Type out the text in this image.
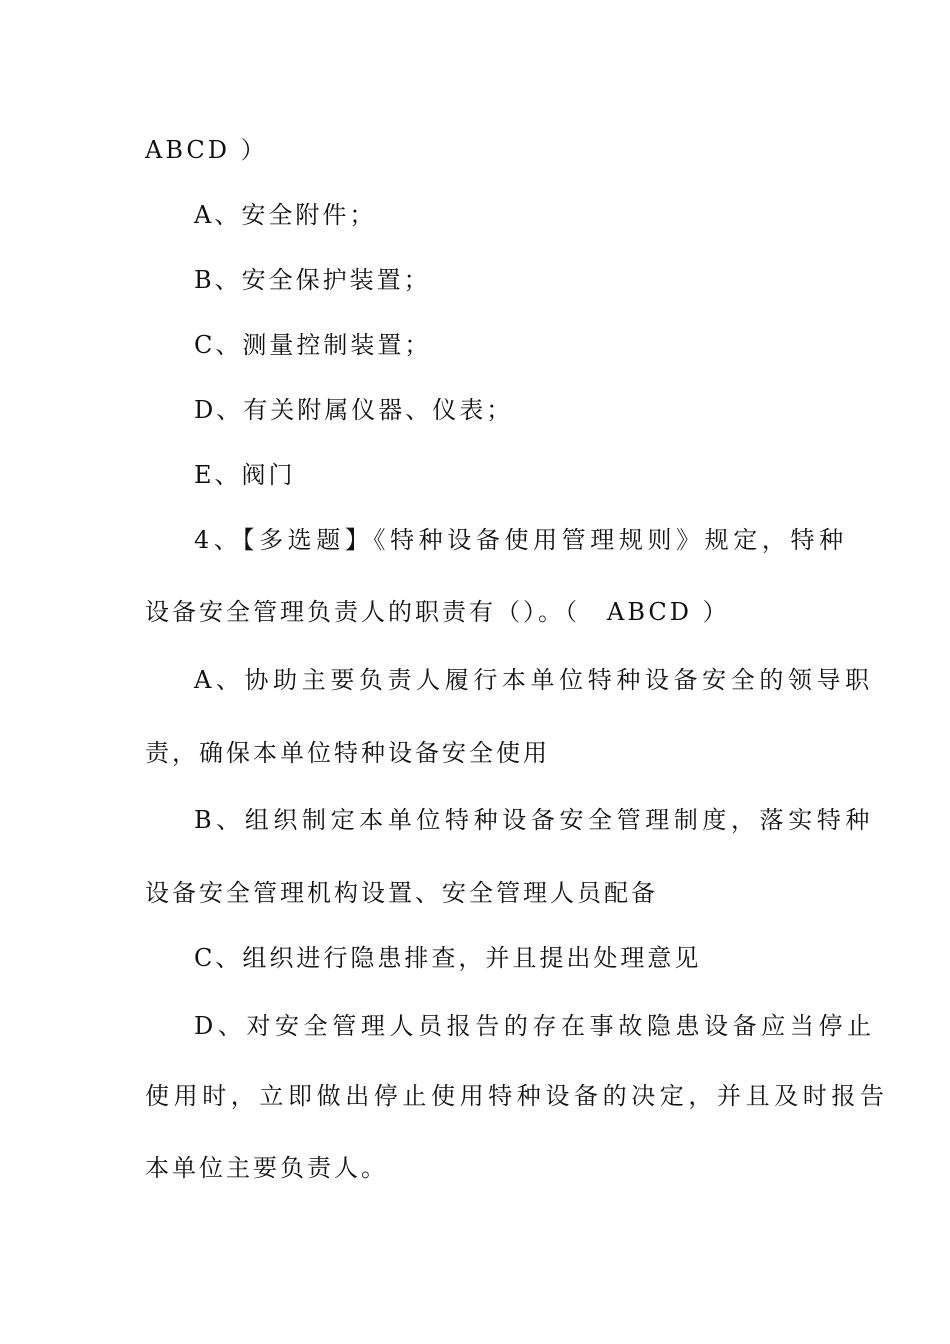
ABCD ）
A、安全附件；
B、安全保护装置；
C、测量控制装置；
D、有关附属仪器、仪表；
E、阀门
4、【多选题】《特种设备使用管理规则》规定，特种
设备安全管理负责人的职责有（）。（　ABCD ）
A、协助主要负责人履行本单位特种设备安全的领导职
责，确保本单位特种设备安全使用
B、组织制定本单位特种设备安全管理制度，落实特种
设备安全管理机构设置、安全管理人员配备
C、组织进行隐患排查，并且提出处理意见
D、对安全管理人员报告的存在事故隐患设备应当停止
使用时，立即做出停止使用特种设备的决定，并且及时报告
本单位主要负责人。
